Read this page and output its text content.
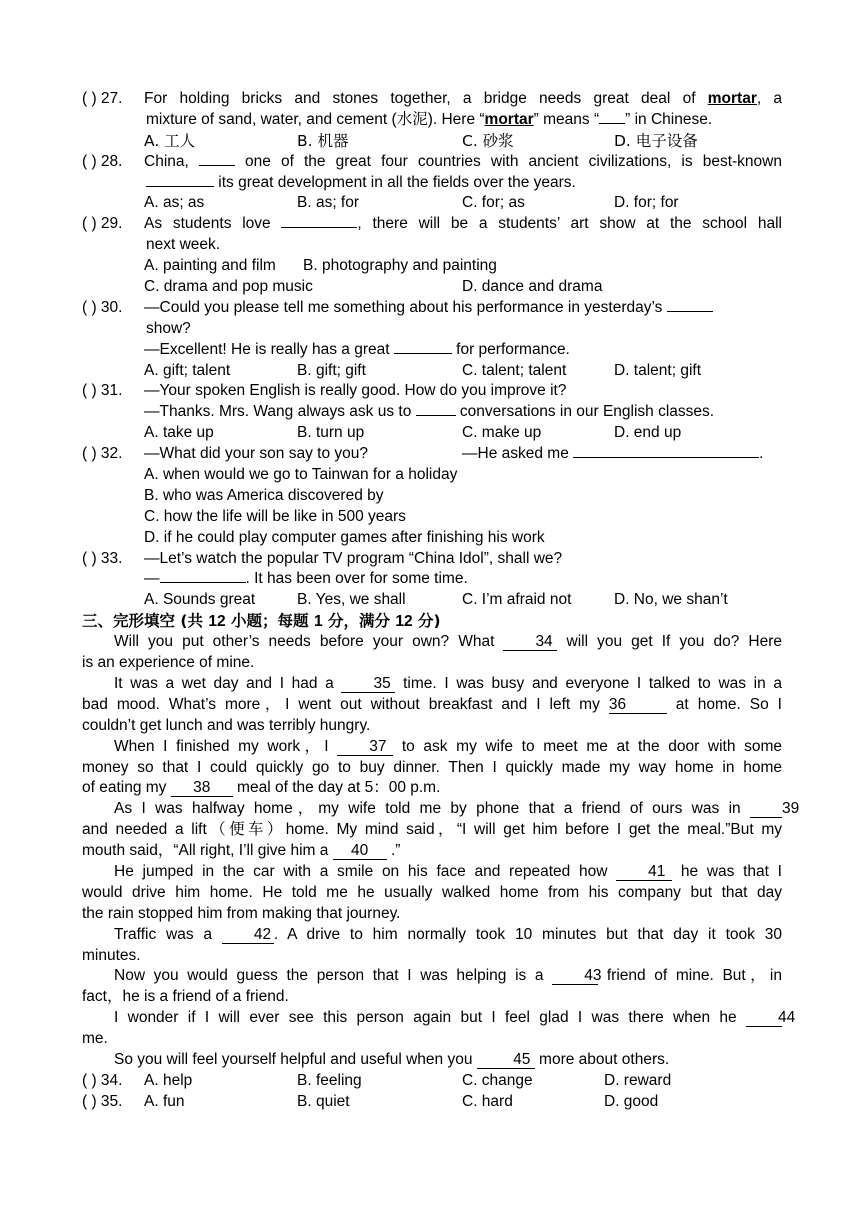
( ) 27.	For holding bricks and stones together, a bridge needs great deal of mortar, a
mixture of sand, water, and cement (水泥). Here “mortar” means “ ” in Chinese.
A. 工人	B. 机器	C. 砂浆	D. 电子设备
( ) 28.	China,  one of the great four countries with ancient civilizations, is best-known
its great development in all the fields over the years.
A. as; as	B. as; for	C. for; as	D. for; for
( ) 29.	As students love	, there will be a students’ art show at the school hall
next week.
A. painting and film B. photography and painting
C. drama and pop music	D. dance and drama
( ) 30.	—Could you please tell me something about his performance in yesterday’s
show?
—Excellent! He is really has a great	for performance.
A. gift; talent	B. gift; gift	C. talent; talent	D. talent; gift
( ) 31.	—Your spoken English is really good. How do you improve it?
—Thanks. Mrs. Wang always ask us to	conversations in our English classes.
A. take up	B. turn up	C. make up	D. end up
( ) 32.	—What did your son say to you?	—He asked me	.
A. when would we go to Tainwan for a holiday
B. who was America discovered by
C. how the life will be like in 500 years
D. if he could play computer games after finishing his work
( ) 33.	—Let’s watch the popular TV program “China Idol”, shall we?
—	. It has been over for some time.
A. Sounds great	B. Yes, we shall	C. I’m afraid not	D. No, we shan’t
三、完形填空 (共 12 小题；每题 1 分，满分 12 分)
Will you put other’s needs before your own? What 34 will you get If you do? Here
is an experience of mine.
It was a wet day and I had a 35 time. I was busy and everyone I talked to was in a
bad mood. What’s more，I went out without breakfast and I left my 36	at home. So I
couldn’t get lunch and was terribly hungry.
When I finished my work，I 37 to ask my wife to meet me at the door with some
money so that I could quickly go to buy dinner. Then I quickly made my way home in home
of eating my 38 meal of the day at 5：00 p.m.
As I was halfway home，my wife told me by phone that a friend of ours was in 39
and needed a lift（便车）home. My mind said，“I will get him before I get the meal.”But my
mouth said，“All right, I’ll give him a 40 .”
He jumped in the car with a smile on his face and repeated how 41 he was that I
would drive him home. He told me he usually walked home from his company but that day
the rain stopped him from making that journey.
Traffic was a 42 . A drive to him normally took 10 minutes but that day it took 30
minutes.
Now you would guess the person that I was helping is a 43 friend of mine. But，in
fact，he is a friend of a friend.
I wonder if I will ever see this person again but I feel glad I was there when he 44
me.
So you will feel yourself helpful and useful when you 45 more about others.
( ) 34.	A. help	B. feeling	C. change	D. reward
( ) 35.	A. fun	B. quiet	C. hard	D. good
